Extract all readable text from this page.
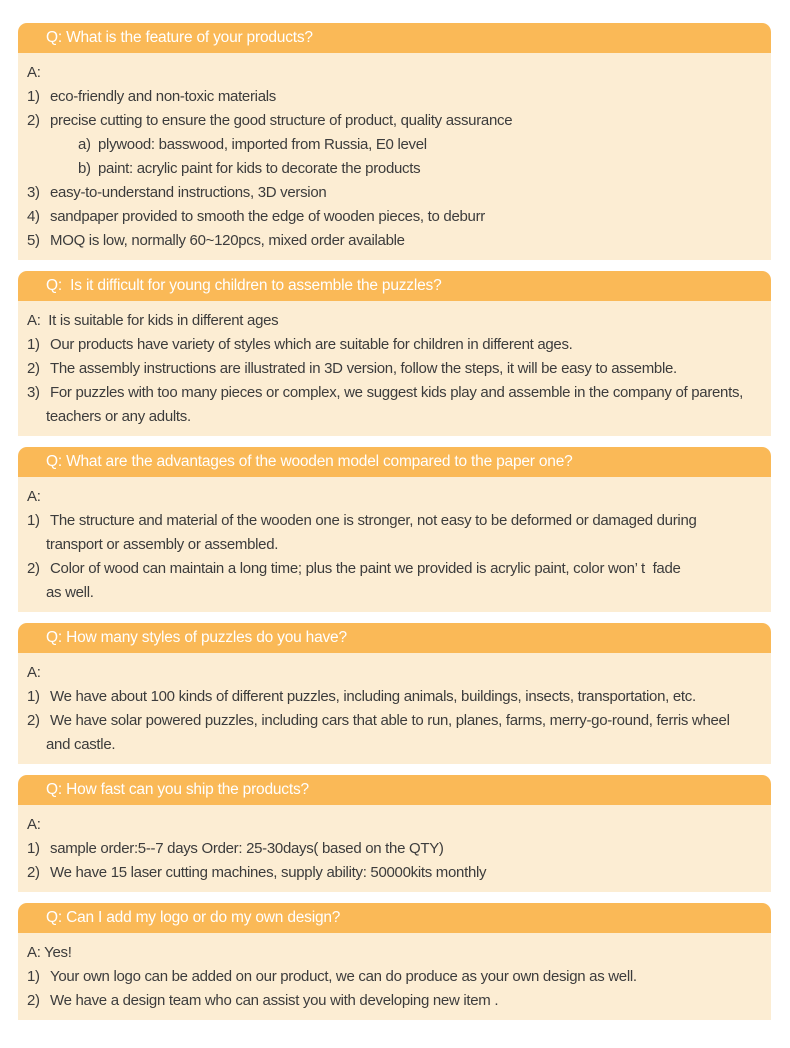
Q: What is the feature of your products?
A:
1) eco-friendly and non-toxic materials
2) precise cutting to ensure the good structure of product, quality assurance
a) plywood: basswood, imported from Russia, E0 level
b) paint: acrylic paint for kids to decorate the products
3) easy-to-understand instructions, 3D version
4) sandpaper provided to smooth the edge of wooden pieces, to deburr
5) MOQ is low, normally 60~120pcs, mixed order available
Q:  Is it difficult for young children to assemble the puzzles?
A:  It is suitable for kids in different ages
1) Our products have variety of styles which are suitable for children in different ages.
2) The assembly instructions are illustrated in 3D version, follow the steps, it will be easy to assemble.
3) For puzzles with too many pieces or complex, we suggest kids play and assemble in the company of parents,
teachers or any adults.
Q: What are the advantages of the wooden model compared to the paper one?
A:
1) The structure and material of the wooden one is stronger, not easy to be deformed or damaged during
transport or assembly or assembled.
2) Color of wood can maintain a long time; plus the paint we provided is acrylic paint, color won’ t  fade
as well.
Q: How many styles of puzzles do you have?
A:
1) We have about 100 kinds of different puzzles, including animals, buildings, insects, transportation, etc.
2) We have solar powered puzzles, including cars that able to run, planes, farms, merry-go-round, ferris wheel
and castle.
Q: How fast can you ship the products?
A:
1) sample order:5--7 days Order: 25-30days( based on the QTY)
2) We have 15 laser cutting machines, supply ability: 50000kits monthly
Q: Can I add my logo or do my own design?
A: Yes!
1) Your own logo can be added on our product, we can do produce as your own design as well.
2) We have a design team who can assist you with developing new item .
